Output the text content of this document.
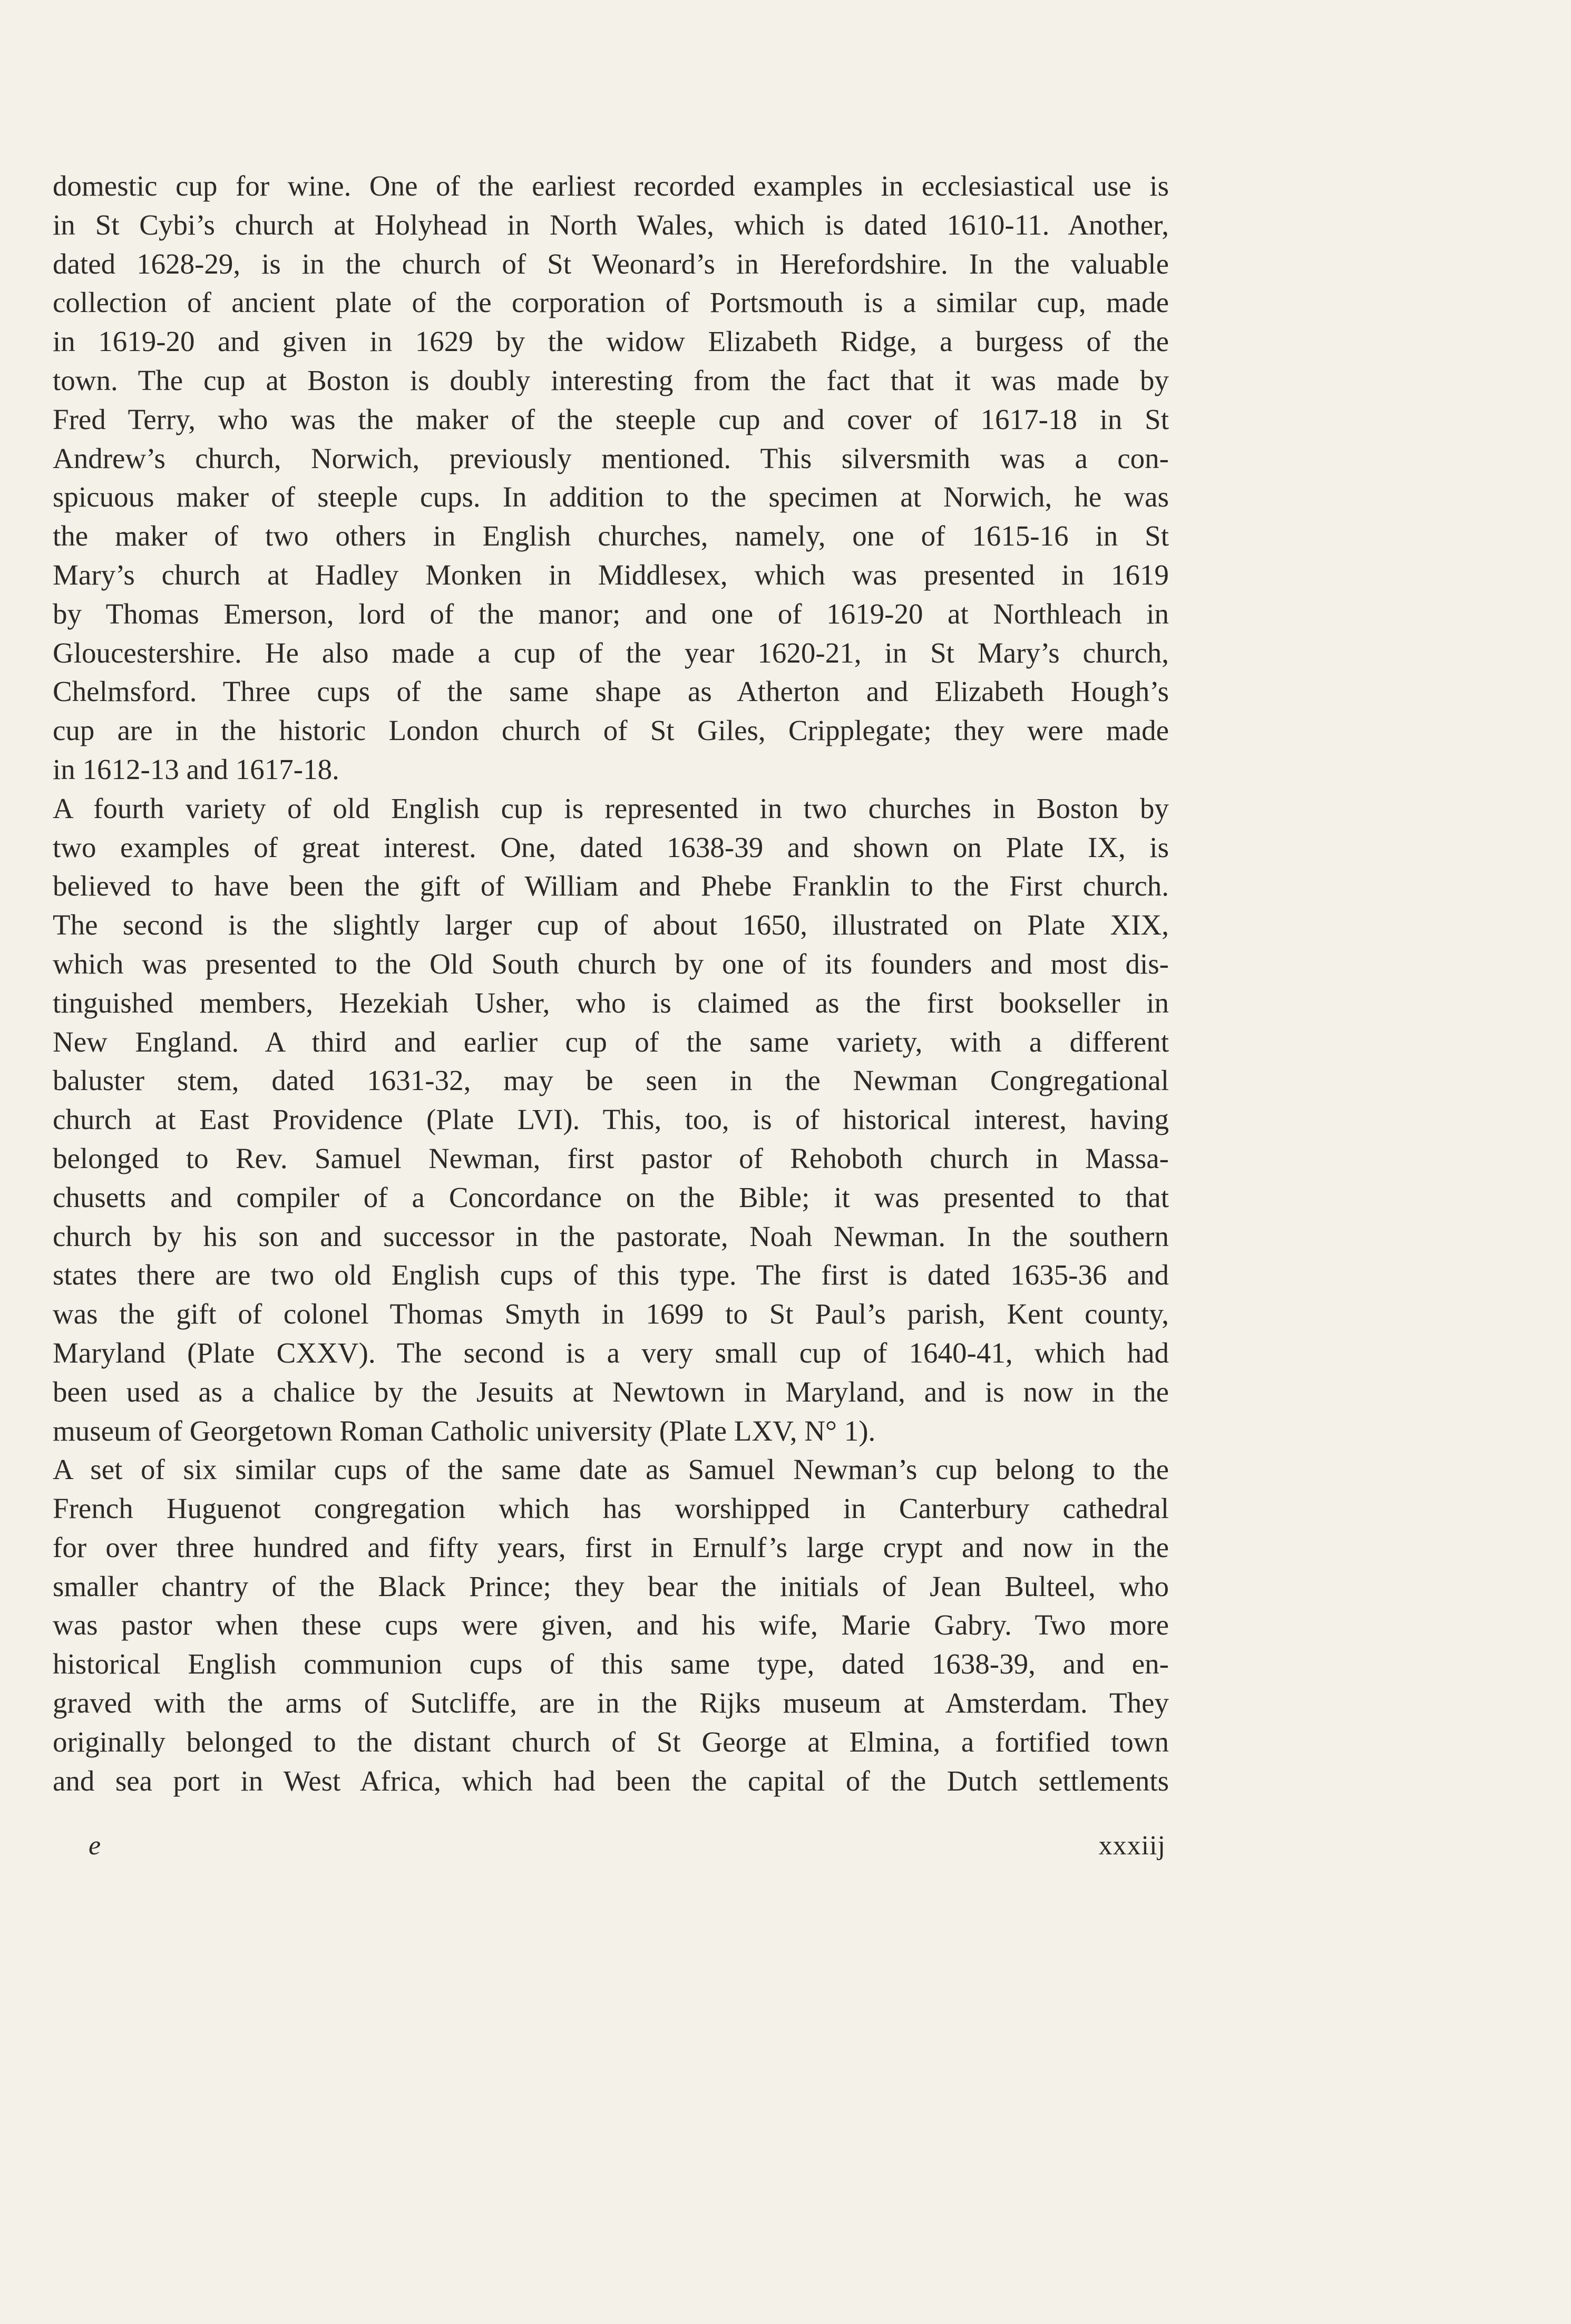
domestic cup for wine. One of the earliest recorded examples in ecclesiastical use is
in St Cybi’s church at Holyhead in North Wales, which is dated 1610-11. Another,
dated 1628-29, is in the church of St Weonard’s in Herefordshire. In the valuable
collection of ancient plate of the corporation of Portsmouth is a similar cup, made
in 1619-20 and given in 1629 by the widow Elizabeth Ridge, a burgess of the
town. The cup at Boston is doubly interesting from the fact that it was made by
Fred Terry, who was the maker of the steeple cup and cover of 1617-18 in St
Andrew’s church, Norwich, previously mentioned. This silversmith was a con-
spicuous maker of steeple cups. In addition to the specimen at Norwich, he was
the maker of two others in English churches, namely, one of 1615-16 in St
Mary’s church at Hadley Monken in Middlesex, which was presented in 1619
by Thomas Emerson, lord of the manor; and one of 1619-20 at Northleach in
Gloucestershire. He also made a cup of the year 1620-21, in St Mary’s church,
Chelmsford. Three cups of the same shape as Atherton and Elizabeth Hough’s
cup are in the historic London church of St Giles, Cripplegate; they were made
in 1612-13 and 1617-18.
A fourth variety of old English cup is represented in two churches in Boston by
two examples of great interest. One, dated 1638-39 and shown on Plate IX, is
believed to have been the gift of William and Phebe Franklin to the First church.
The second is the slightly larger cup of about 1650, illustrated on Plate XIX,
which was presented to the Old South church by one of its founders and most dis-
tinguished members, Hezekiah Usher, who is claimed as the first bookseller in
New England. A third and earlier cup of the same variety, with a different
baluster stem, dated 1631-32, may be seen in the Newman Congregational
church at East Providence (Plate LVI). This, too, is of historical interest, having
belonged to Rev. Samuel Newman, first pastor of Rehoboth church in Massa-
chusetts and compiler of a Concordance on the Bible; it was presented to that
church by his son and successor in the pastorate, Noah Newman. In the southern
states there are two old English cups of this type. The first is dated 1635-36 and
was the gift of colonel Thomas Smyth in 1699 to St Paul’s parish, Kent county,
Maryland (Plate CXXV). The second is a very small cup of 1640-41, which had
been used as a chalice by the Jesuits at Newtown in Maryland, and is now in the
museum of Georgetown Roman Catholic university (Plate LXV, N° 1).
A set of six similar cups of the same date as Samuel Newman’s cup belong to the
French Huguenot congregation which has worshipped in Canterbury cathedral
for over three hundred and fifty years, first in Ernulf’s large crypt and now in the
smaller chantry of the Black Prince; they bear the initials of Jean Bulteel, who
was pastor when these cups were given, and his wife, Marie Gabry. Two more
historical English communion cups of this same type, dated 1638-39, and en-
graved with the arms of Sutcliffe, are in the Rijks museum at Amsterdam. They
originally belonged to the distant church of St George at Elmina, a fortified town
and sea port in West Africa, which had been the capital of the Dutch settlements
e	xxxiij
